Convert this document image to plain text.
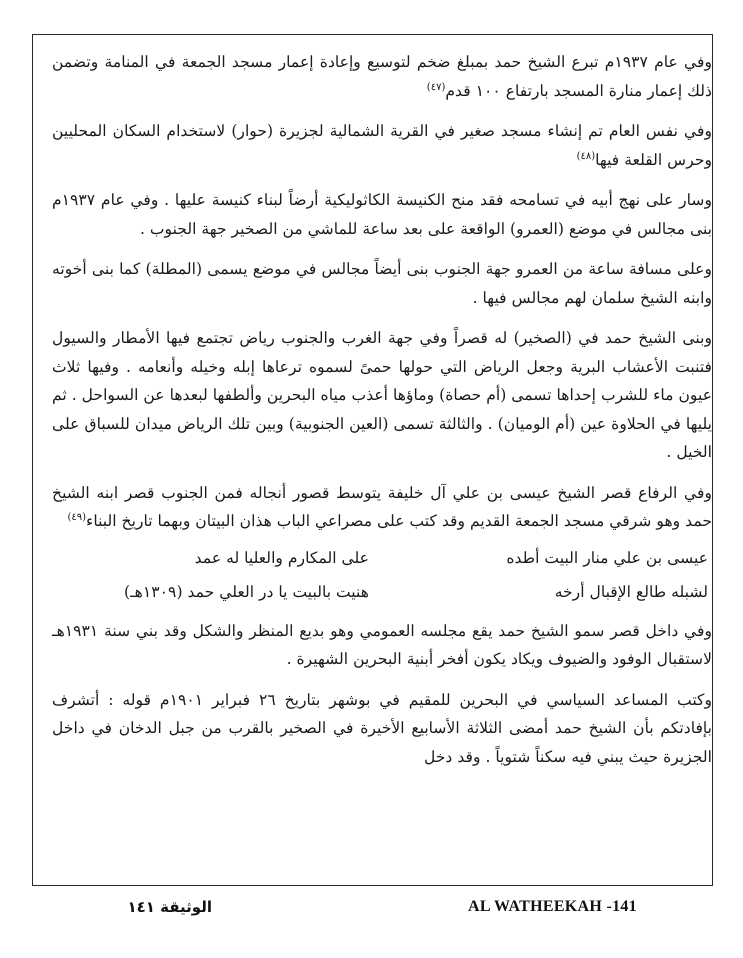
وفي عام ١٩٣٧م تبرع الشيخ حمد بمبلغ ضخم لتوسيع وإعادة إعمار مسجد الجمعة في المنامة وتضمن ذلك إعمار منارة المسجد بارتفاع ١٠٠ قدم$^{(٤٧)}$

وفي نفس العام تم إنشاء مسجد صغير في القرية الشمالية لجزيرة (حوار) لاستخدام السكان المحليين وحرس القلعة فيها$^{(٤٨)}$

وسار على نهج أبيه في تسامحه فقد منح الكنيسة الكاثوليكية أرضاً لبناء كنيسة عليها . وفي عام ١٩٣٧م بنى مجالس في موضع (العمرو) الواقعة على بعد ساعة للماشي من الصخير جهة الجنوب .

وعلى مسافة ساعة من العمرو جهة الجنوب بنى أيضاً مجالس في موضع يسمى (المطلة) كما بنى أخوته وابنه الشيخ سلمان لهم مجالس فيها .

وبنى الشيخ حمد في (الصخير) له قصراً وفي جهة الغرب والجنوب رياض تجتمع فيها الأمطار والسيول فتنبت الأعشاب البرية وجعل الرياض التي حولها حمىً لسموه ترعاها إبله وخيله وأنعامه . وفيها ثلاث عيون ماء للشرب إحداها تسمى (أم حصاة) وماؤها أعذب مياه البحرين وألطفها لبعدها عن السواحل . ثم يليها في الحلاوة عين (أم الوميان) . والثالثة تسمى (العين الجنوبية) وبين تلك الرياض ميدان للسباق على الخيل .

وفي الرفاع قصر الشيخ عيسى بن علي آل خليفة يتوسط قصور أنجاله فمن الجنوب قصر ابنه الشيخ حمد وهو شرقي مسجد الجمعة القديم وقد كتب على مصراعي الباب هذان البيتان وبهما تاريخ البناء$^{(٤٩)}$

عيسى بن علي منار البيت أطده
على المكارم والعليا له عمد
لشبله طالع الإقبال أرخه
هنيت بالبيت يا در العلي حمد (١٣٠٩هـ)

وفي داخل قصر سمو الشيخ حمد يقع مجلسه العمومي وهو بديع المنظر والشكل وقد بني سنة ١٩٣١هـ لاستقبال الوفود والضيوف ويكاد يكون أفخر أبنية البحرين الشهيرة .

وكتب المساعد السياسي في البحرين للمقيم في بوشهر بتاريخ ٢٦ فبراير ١٩٠١م قوله : أتشرف بإفادتكم بأن الشيخ حمد أمضى الثلاثة الأسابيع الأخيرة في الصخير بالقرب من جبل الدخان في داخل الجزيرة حيث يبني فيه سكناً شتوياً . وقد دخل

الوثيقة ١٤١	AL WATHEEKAH -141
